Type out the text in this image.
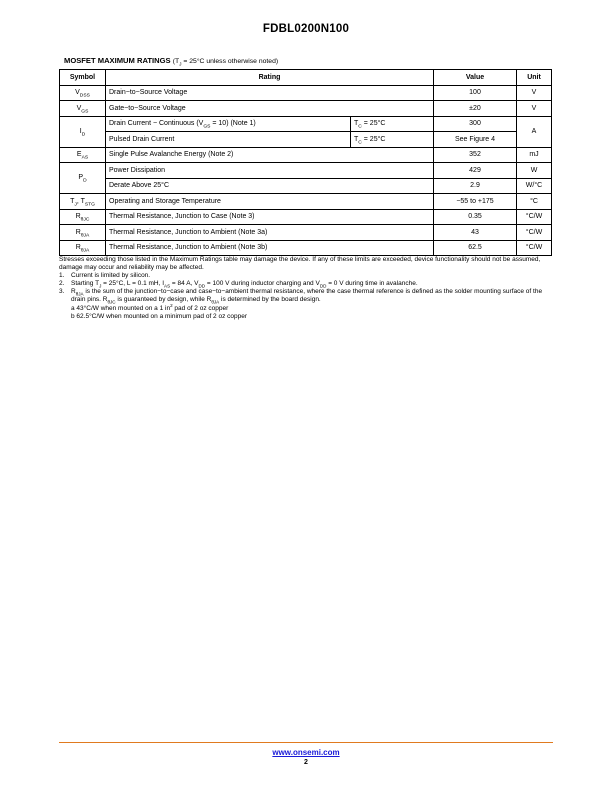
FDBL0200N100
MOSFET MAXIMUM RATINGS ($T_J = 25^\circ C$ unless otherwise noted)
Symbol	Rating		Value	Unit
$V_{DSS}$	Drain−to−Source Voltage		100	V
$V_{GS}$	Gate−to−Source Voltage		±20	V
$I_D$	Drain Current − Continuous $(V_{GS} = 10)$ (Note 1)	$T_C = 25^\circ C$	300	A
	Pulsed Drain Current	$T_C = 25^\circ C$	See Figure 4	
$E_{AS}$	Single Pulse Avalanche Energy (Note 2)		352	mJ
$P_D$	Power Dissipation		429	W
	Derate Above 25°C		2.9	W/°C
$T_J$, $T_{STG}$	Operating and Storage Temperature		−55 to +175	°C
$R_{\theta JC}$	Thermal Resistance, Junction to Case (Note 3)		0.35	°C/W
$R_{\theta JA}$	Thermal Resistance, Junction to Ambient (Note 3a)		43	°C/W
$R_{\theta JA}$	Thermal Resistance, Junction to Ambient (Note 3b)		62.5	°C/W

Stresses exceeding those listed in the Maximum Ratings table may damage the device. If any of these limits are exceeded, device functionality should not be assumed, damage may occur and reliability may be affected.

1.	Current is limited by silicon.
2.	Starting $T_J = 25^\circ C$, L = 0.1 mH, $I_{AS} = 84$ A, $V_{DD} = 100$ V during inductor charging and $V_{DD} = 0$ V during time in avalanche.
3.	$R_{\theta JA}$ is the sum of the junction−to−case and case−to−ambient thermal resistance, where the case thermal reference is defined as the solder mounting surface of the drain pins. $R_{\theta JC}$ is guaranteed by design, while $R_{\theta JA}$ is determined by the board design.
a 43°C/W when mounted on a 1 $in^2$ pad of 2 oz copper
b 62.5°C/W when mounted on a minimum pad of 2 oz copper
www.onsemi.com
2
